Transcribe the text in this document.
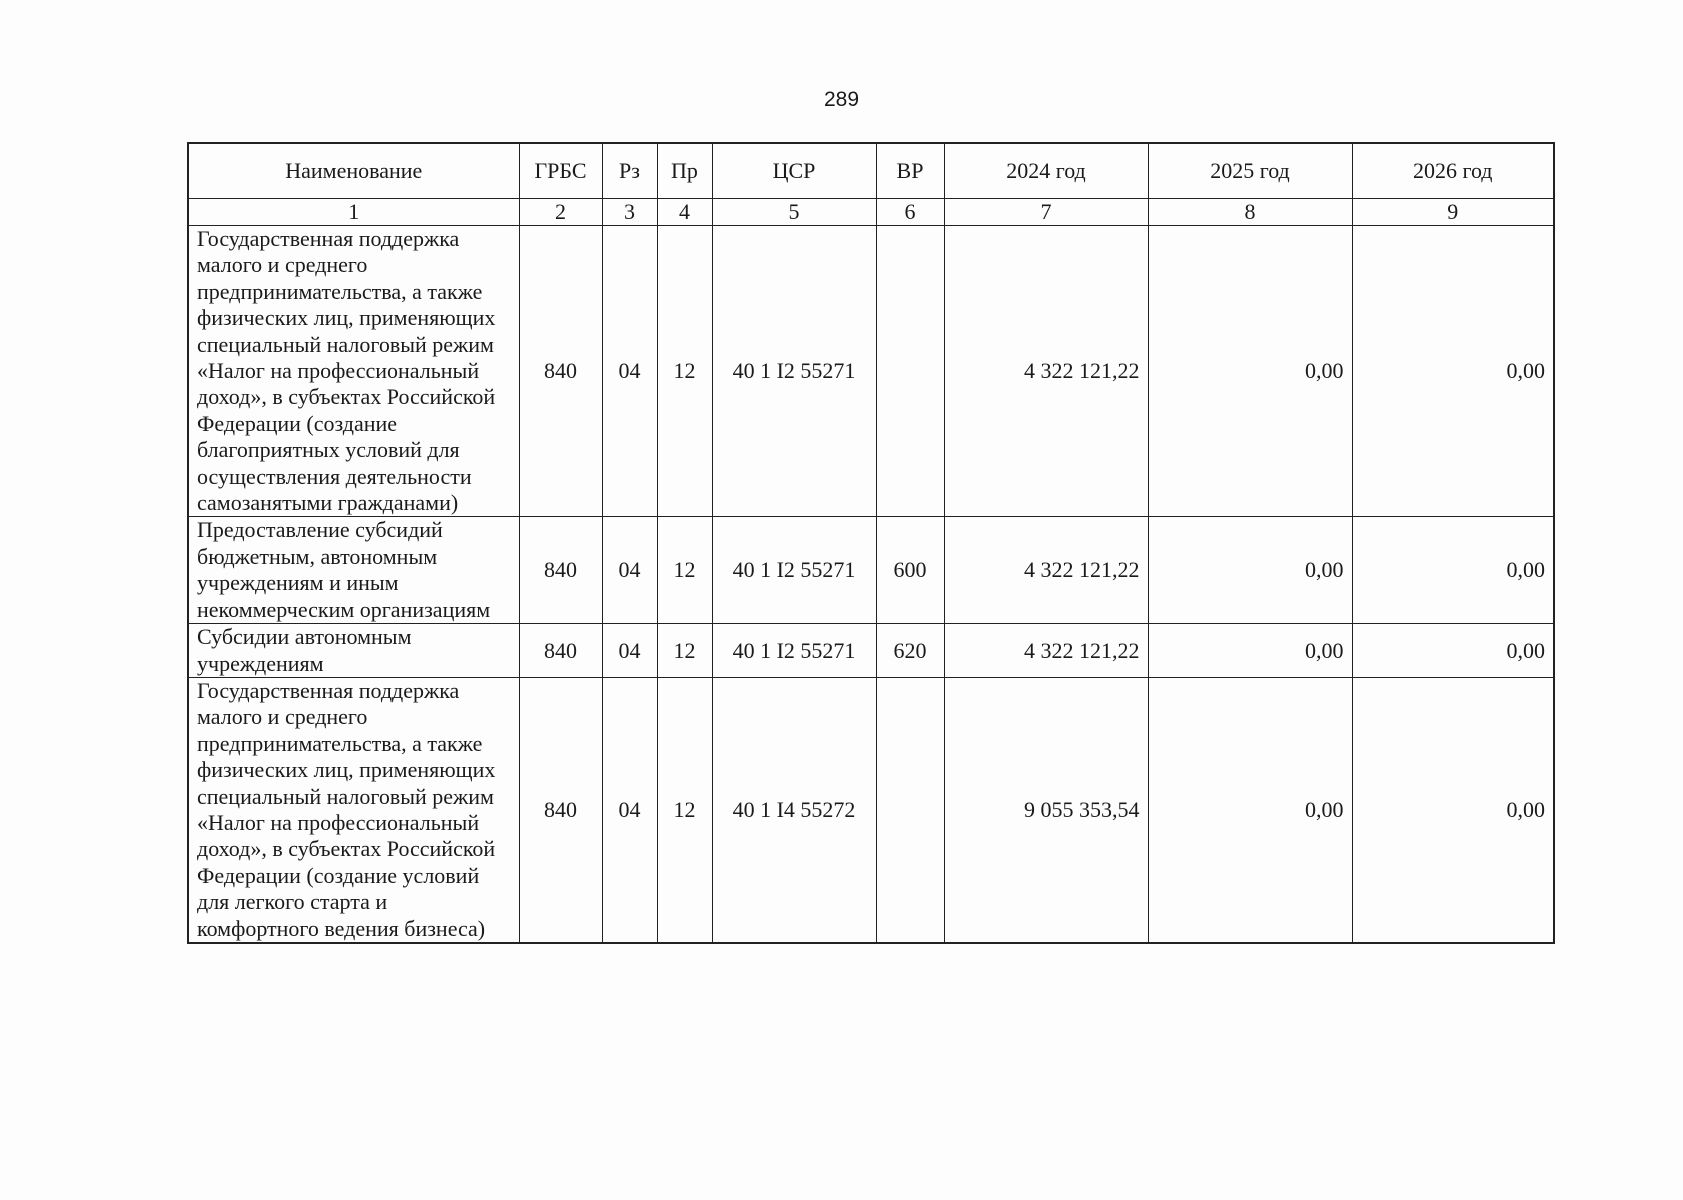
289
Наименование	ГРБС	Рз	Пр	ЦСР	ВР	2024 год	2025 год	2026 год
1	2	3	4	5	6	7	8	9
Государственная поддержка малого и среднего предпринимательства, а также физических лиц, применяющих специальный налоговый режим «Налог на профессиональный доход», в субъектах Российской Федерации (создание благоприятных условий для осуществления деятельности самозанятыми гражданами)	840	04	12	40 1 I2 55271		4 322 121,22	0,00	0,00
Предоставление субсидий бюджетным, автономным учреждениям и иным некоммерческим организациям	840	04	12	40 1 I2 55271	600	4 322 121,22	0,00	0,00
Субсидии автономным учреждениям	840	04	12	40 1 I2 55271	620	4 322 121,22	0,00	0,00
Государственная поддержка малого и среднего предпринимательства, а также физических лиц, применяющих специальный налоговый режим «Налог на профессиональный доход», в субъектах Российской Федерации (создание условий для легкого старта и комфортного ведения бизнеса)	840	04	12	40 1 I4 55272		9 055 353,54	0,00	0,00
